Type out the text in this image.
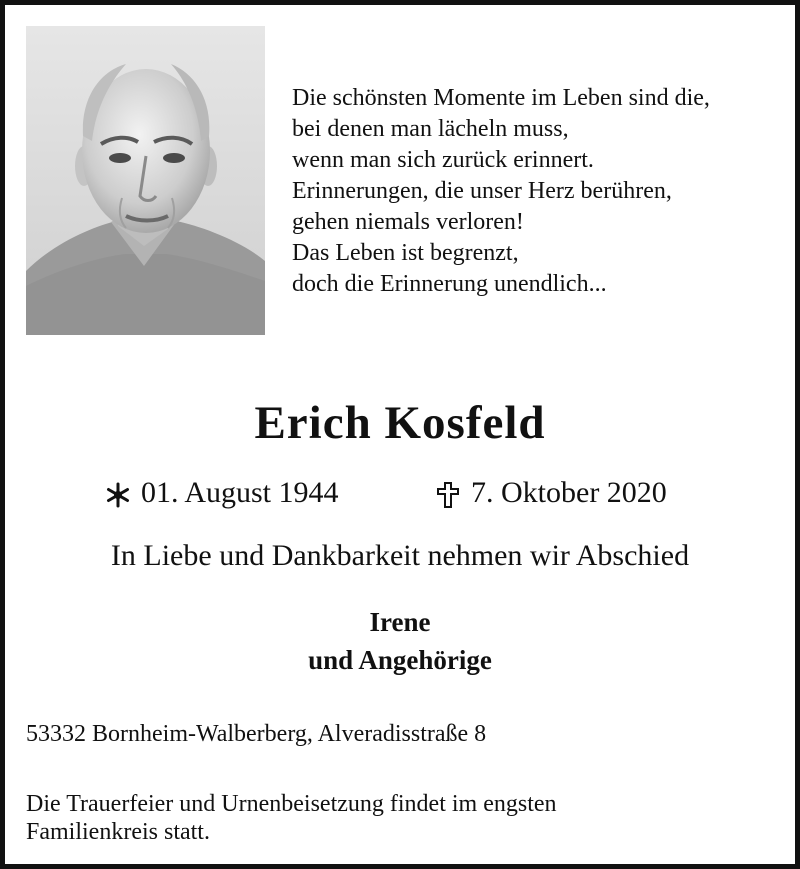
Die schönsten Momente im Leben sind die,
bei denen man lächeln muss,
wenn man sich zurück erinnert.
Erinnerungen, die unser Herz berühren,
gehen niemals verloren!
Das Leben ist begrenzt,
doch die Erinnerung unendlich...
Erich Kosfeld
01. August 1944	7. Oktober 2020
In Liebe und Dankbarkeit nehmen wir Abschied
Irene
und Angehörige
53332 Bornheim-Walberberg, Alveradisstraße 8
Die Trauerfeier und Urnenbeisetzung findet im engsten
Familienkreis statt.
